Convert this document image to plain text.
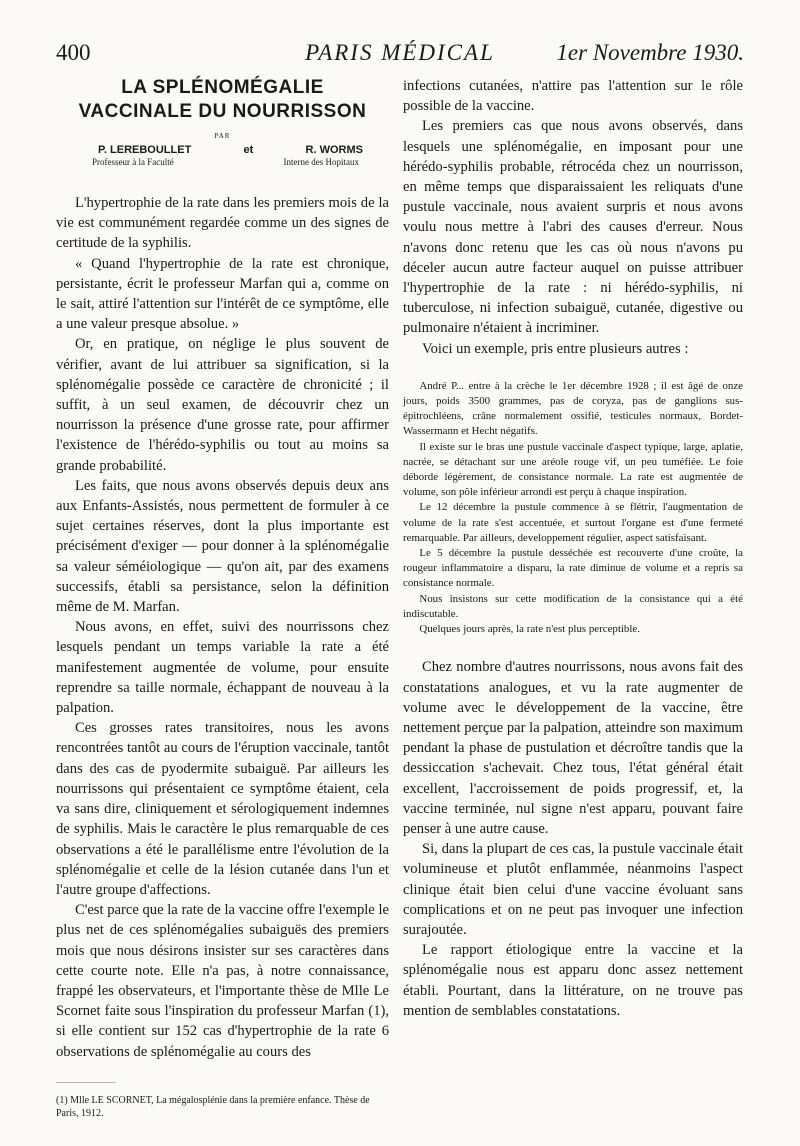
400	PARIS MÉDICAL	1er Novembre 1930.
LA SPLÉNOMÉGALIE
VACCINALE DU NOURRISSON
PAR
P. LEREBOULLET	et	R. WORMS
Professeur à la Faculté	Interne des Hopitaux

L'hypertrophie de la rate dans les premiers mois de la vie est communément regardée comme un des signes de certitude de la syphilis.

« Quand l'hypertrophie de la rate est chronique, persistante, écrit le professeur Marfan qui a, comme on le sait, attiré l'attention sur l'intérêt de ce symptôme, elle a une valeur presque absolue. »

Or, en pratique, on néglige le plus souvent de vérifier, avant de lui attribuer sa signification, si la splénomégalie possède ce caractère de chronicité ; il suffit, à un seul examen, de découvrir chez un nourrisson la présence d'une grosse rate, pour affirmer l'existence de l'hérédo-syphilis ou tout au moins sa grande probabilité.

Les faits, que nous avons observés depuis deux ans aux Enfants-Assistés, nous permettent de formuler à ce sujet certaines réserves, dont la plus importante est précisément d'exiger — pour donner à la splénomégalie sa valeur séméiologique — qu'on ait, par des examens successifs, établi sa persistance, selon la définition même de M. Marfan.

Nous avons, en effet, suivi des nourrissons chez lesquels pendant un temps variable la rate a été manifestement augmentée de volume, pour ensuite reprendre sa taille normale, échappant de nouveau à la palpation.

Ces grosses rates transitoires, nous les avons rencontrées tantôt au cours de l'éruption vaccinale, tantôt dans des cas de pyodermite subaiguë. Par ailleurs les nourrissons qui présentaient ce symptôme étaient, cela va sans dire, cliniquement et sérologiquement indemnes de syphilis. Mais le caractère le plus remarquable de ces observations a été le parallélisme entre l'évolution de la splénomégalie et celle de la lésion cutanée dans l'un et l'autre groupe d'affections.

C'est parce que la rate de la vaccine offre l'exemple le plus net de ces splénomégalies subaiguës des premiers mois que nous désirons insister sur ses caractères dans cette courte note. Elle n'a pas, à notre connaissance, frappé les observateurs, et l'importante thèse de Mlle Le Scornet faite sous l'inspiration du professeur Marfan (1), si elle contient sur 152 cas d'hypertrophie de la rate 6 observations de splénomégalie au cours des

(1) Mlle LE SCORNET, La mégalosplénie dans la première enfance. Thèse de Paris, 1912.

infections cutanées, n'attire pas l'attention sur le rôle possible de la vaccine.

Les premiers cas que nous avons observés, dans lesquels une splénomégalie, en imposant pour une hérédo-syphilis probable, rétrocéda chez un nourrisson, en même temps que disparaissaient les reliquats d'une pustule vaccinale, nous avaient surpris et nous avons voulu nous mettre à l'abri des causes d'erreur. Nous n'avons donc retenu que les cas où nous n'avons pu déceler aucun autre facteur auquel on puisse attribuer l'hypertrophie de la rate : ni hérédo-syphilis, ni tuberculose, ni infection subaiguë, cutanée, digestive ou pulmonaire n'étaient à incriminer.

Voici un exemple, pris entre plusieurs autres :

André P... entre à la crèche le 1er décembre 1928 ; il est âgé de onze jours, poids 3500 grammes, pas de coryza, pas de ganglions sus-épitrochléens, crâne normalement ossifié, testicules normaux, Bordet-Wassermann et Hecht négatifs.

Il existe sur le bras une pustule vaccinale d'aspect typique, large, aplatie, nacrée, se détachant sur une aréole rouge vif, un peu tuméfiée. Le foie déborde légèrement, de consistance normale. La rate est augmentée de volume, son pôle inférieur arrondi est perçu à chaque inspiration.

Le 12 décembre la pustule commence à se flétrir, l'augmentation de volume de la rate s'est accentuée, et surtout l'organe est d'une fermeté remarquable. Par ailleurs, developpement régulier, aspect satisfaisant.

Le 5 décembre la pustule desséchée est recouverte d'une croûte, la rougeur inflammatoire a disparu, la rate diminue de volume et a repris sa consistance normale.

Nous insistons sur cette modification de la consistance qui a été indiscutable.

Quelques jours après, la rate n'est plus perceptible.

Chez nombre d'autres nourrissons, nous avons fait des constatations analogues, et vu la rate augmenter de volume avec le développement de la vaccine, être nettement perçue par la palpation, atteindre son maximum pendant la phase de pustulation et décroître tandis que la dessiccation s'achevait. Chez tous, l'état général était excellent, l'accroissement de poids progressif, et, la vaccine terminée, nul signe n'est apparu, pouvant faire penser à une autre cause.

Si, dans la plupart de ces cas, la pustule vaccinale était volumineuse et plutôt enflammée, néanmoins l'aspect clinique était bien celui d'une vaccine évoluant sans complications et on ne peut pas invoquer une infection surajoutée.

Le rapport étiologique entre la vaccine et la splénomégalie nous est apparu donc assez nettement établi. Pourtant, dans la littérature, on ne trouve pas mention de semblables constatations.
